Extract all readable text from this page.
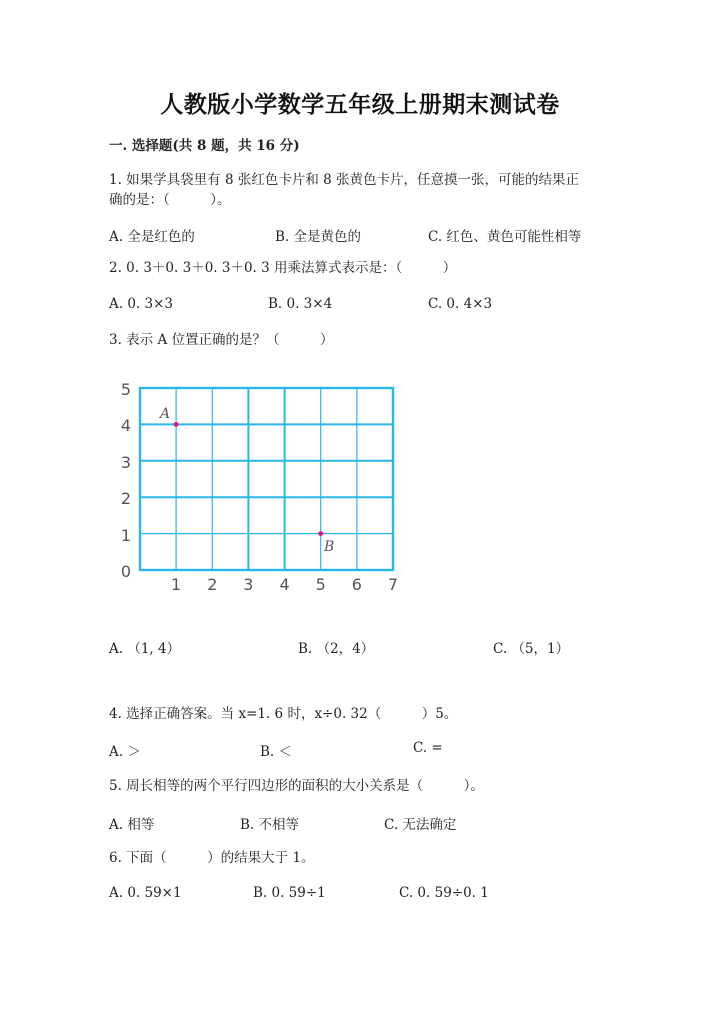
人教版小学数学五年级上册期末测试卷
一. 选择题(共 8 题，共 16 分)
1. 如果学具袋里有 8 张红色卡片和 8 张黄色卡片，任意摸一张，可能的结果正
确的是：（　　　）。
A. 全是红色的	B. 全是黄色的	C. 红色、黄色可能性相等
2. 0. 3＋0. 3＋0. 3＋0. 3 用乘法算式表示是：（　　　）
A. 0. 3×3	B. 0. 3×4	C. 0. 4×3
3. 表示 A 位置正确的是？（　　　）
0
1
2
3
4
5
1 2 3 4 5 6 7
A
B
A. （1, 4）	B. （2，4）	C. （5，1）
4. 选择正确答案。当 x=1. 6 时，x÷0. 32（　　　）5。
A. ＞	B. ＜	C. =
5. 周长相等的两个平行四边形的面积的大小关系是（　　　）。
A. 相等	B. 不相等	C. 无法确定
6. 下面（　　　）的结果大于 1。
A. 0. 59×1	B. 0. 59÷1	C. 0. 59÷0. 1
